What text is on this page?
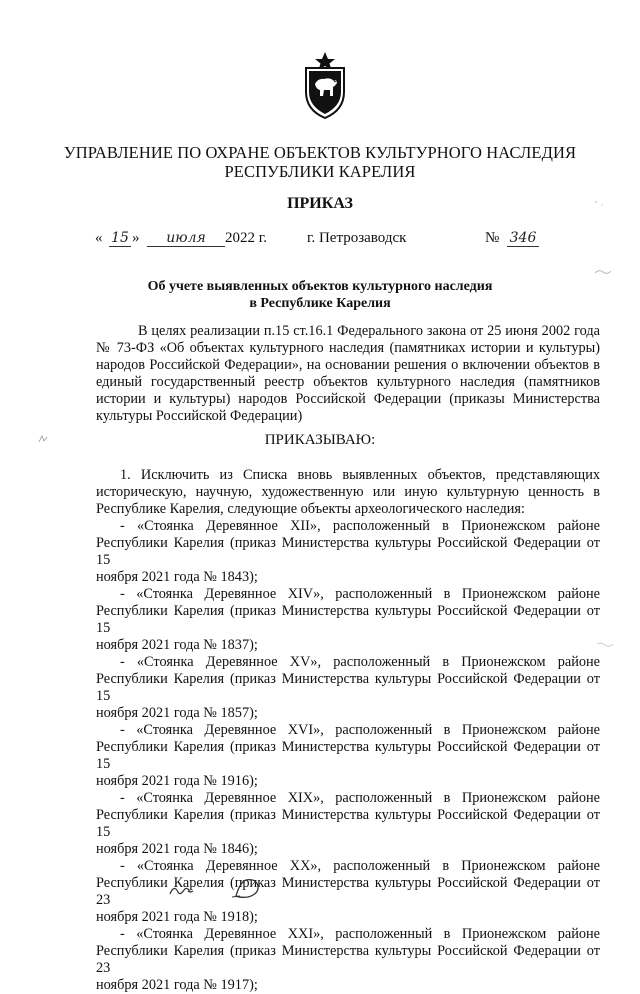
УПРАВЛЕНИЕ ПО ОХРАНЕ ОБЪЕКТОВ КУЛЬТУРНОГО НАСЛЕДИЯ
РЕСПУБЛИКИ КАРЕЛИЯ
ПРИКАЗ
« 15 »	июля	2022 г.	г. Петрозаводск	№ 346
Об учете выявленных объектов культурного наследия
в Республике Карелия
В целях реализации п.15 ст.16.1 Федерального закона от 25 июня 2002 года
№ 73-ФЗ «Об объектах культурного наследия (памятниках истории и культуры)
народов Российской Федерации», на основании решения о включении объектов в
единый государственный реестр объектов культурного наследия (памятников
истории и культуры) народов Российской Федерации (приказы Министерства
культуры Российской Федерации)
ПРИКАЗЫВАЮ:
1. Исключить из Списка вновь выявленных объектов, представляющих
историческую, научную, художественную или иную культурную ценность в
Республике Карелия, следующие объекты археологического наследия:
- «Стоянка Деревянное XII», расположенный в Прионежском районе
Республики Карелия (приказ Министерства культуры Российской Федерации от 15
ноября 2021 года № 1843);
- «Стоянка Деревянное XIV», расположенный в Прионежском районе
Республики Карелия (приказ Министерства культуры Российской Федерации от 15
ноября 2021 года № 1837);
- «Стоянка Деревянное XV», расположенный в Прионежском районе
Республики Карелия (приказ Министерства культуры Российской Федерации от 15
ноября 2021 года № 1857);
- «Стоянка Деревянное XVI», расположенный в Прионежском районе
Республики Карелия (приказ Министерства культуры Российской Федерации от 15
ноября 2021 года № 1916);
- «Стоянка Деревянное XIX», расположенный в Прионежском районе
Республики Карелия (приказ Министерства культуры Российской Федерации от 15
ноября 2021 года № 1846);
- «Стоянка Деревянное XX», расположенный в Прионежском районе
Республики Карелия (приказ Министерства культуры Российской Федерации от 23
ноября 2021 года № 1918);
- «Стоянка Деревянное XXI», расположенный в Прионежском районе
Республики Карелия (приказ Министерства культуры Российской Федерации от 23
ноября 2021 года № 1917);
